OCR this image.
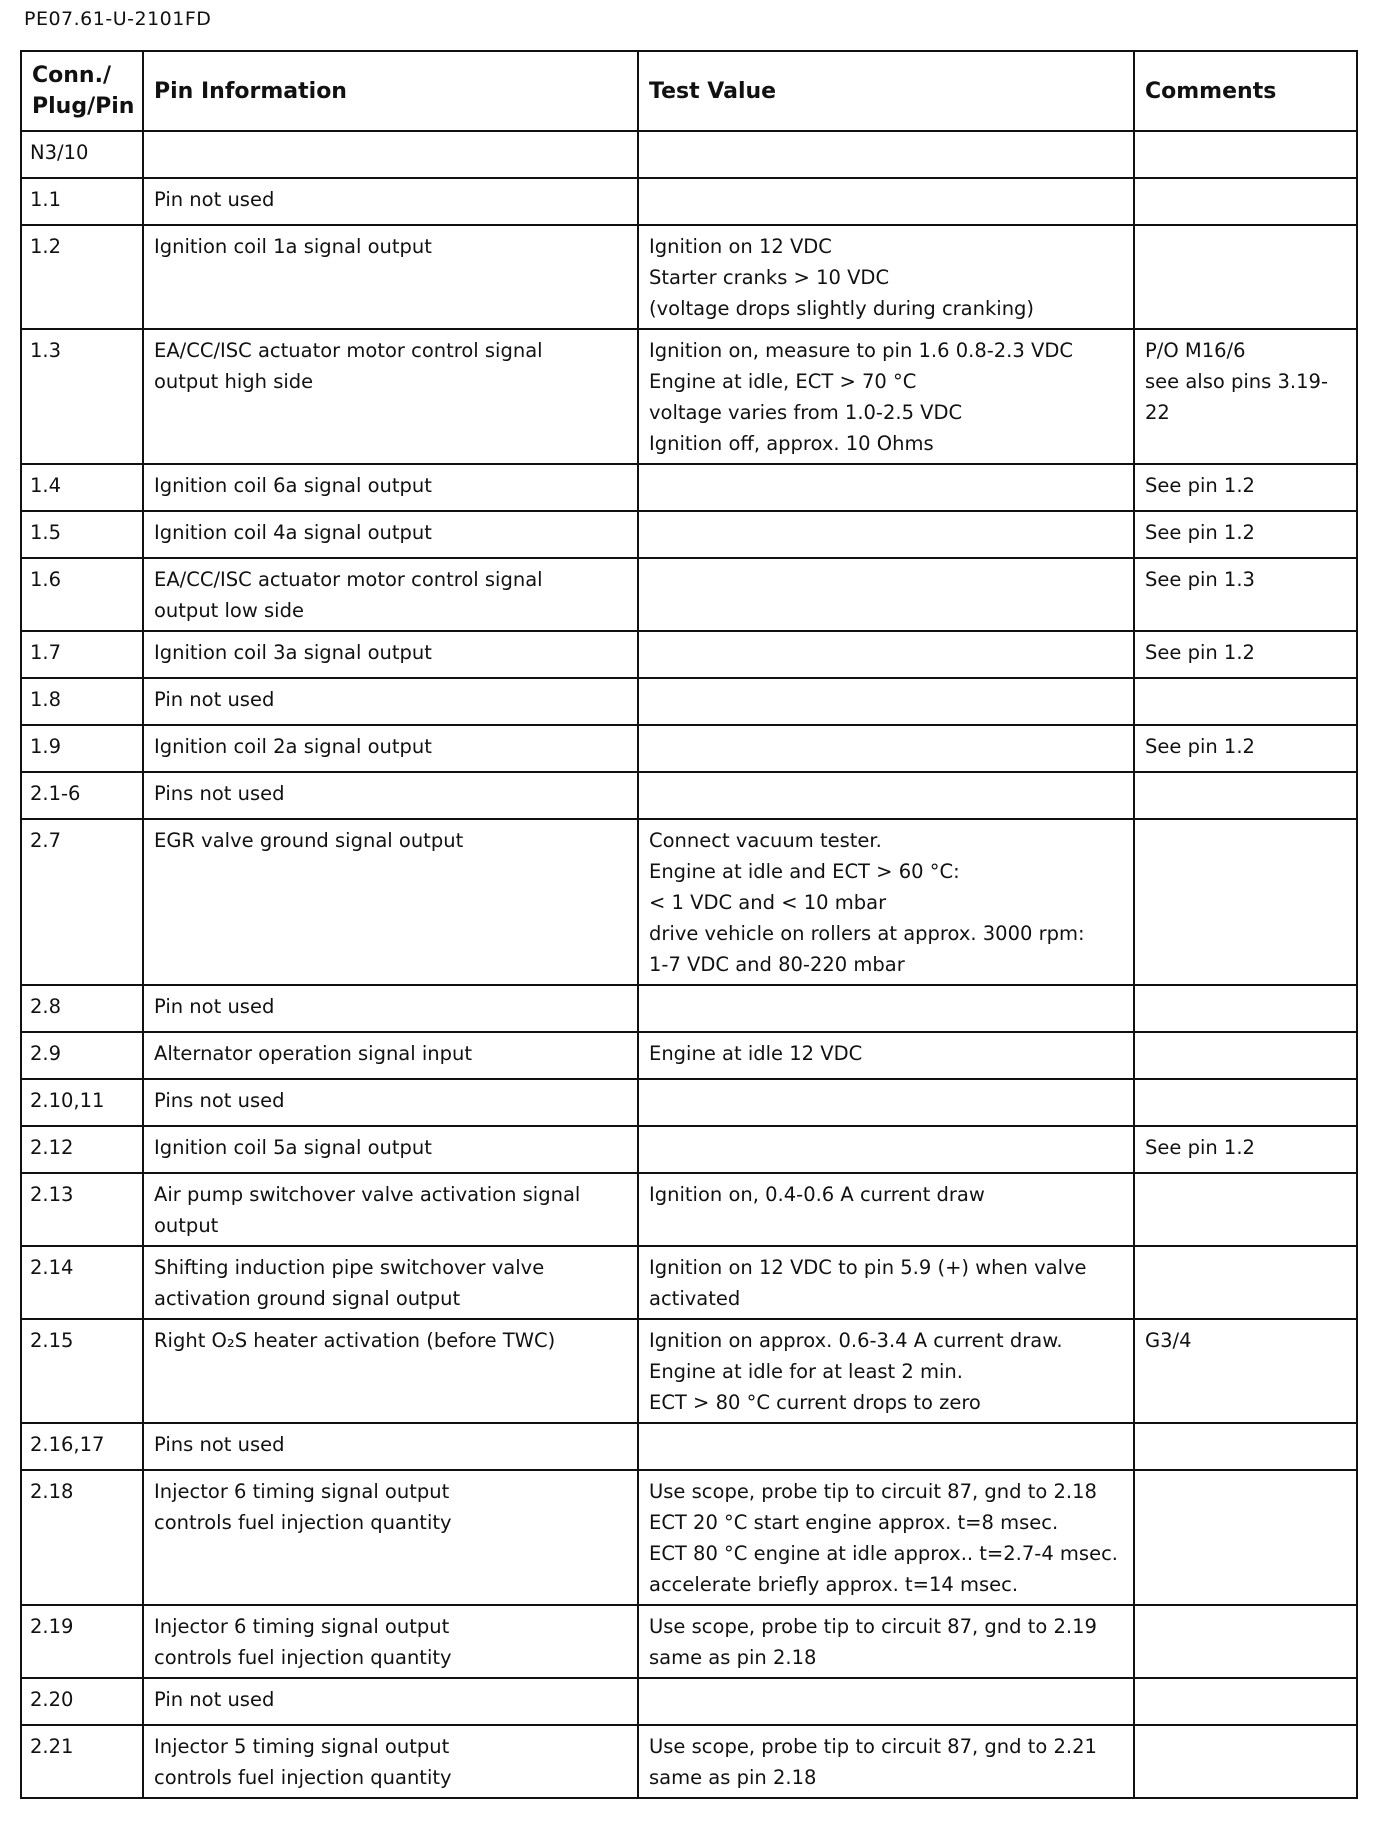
PE07.61-U-2101FD
Conn./
Plug/Pin	Pin Information	Test Value	Comments
N3/10			
1.1	Pin not used		
1.2	Ignition coil 1a signal output	Ignition on 12 VDC
Starter cranks > 10 VDC
(voltage drops slightly during cranking)	
1.3	EA/CC/ISC actuator motor control signal
output high side	Ignition on, measure to pin 1.6 0.8-2.3 VDC
Engine at idle, ECT > 70 °C
voltage varies from 1.0-2.5 VDC
Ignition off, approx. 10 Ohms	P/O M16/6
see also pins 3.19-22
1.4	Ignition coil 6a signal output		See pin 1.2
1.5	Ignition coil 4a signal output		See pin 1.2
1.6	EA/CC/ISC actuator motor control signal
output low side		See pin 1.3
1.7	Ignition coil 3a signal output		See pin 1.2
1.8	Pin not used		
1.9	Ignition coil 2a signal output		See pin 1.2
2.1-6	Pins not used		
2.7	EGR valve ground signal output	Connect vacuum tester.
Engine at idle and ECT > 60 °C:
< 1 VDC and < 10 mbar
drive vehicle on rollers at approx. 3000 rpm:
1-7 VDC and 80-220 mbar	
2.8	Pin not used		
2.9	Alternator operation signal input	Engine at idle 12 VDC	
2.10,11	Pins not used		
2.12	Ignition coil 5a signal output		See pin 1.2
2.13	Air pump switchover valve activation signal
output	Ignition on, 0.4-0.6 A current draw	
2.14	Shifting induction pipe switchover valve
activation ground signal output	Ignition on 12 VDC to pin 5.9 (+) when valve
activated	
2.15	Right O₂S heater activation (before TWC)	Ignition on approx. 0.6-3.4 A current draw.
Engine at idle for at least 2 min.
ECT > 80 °C current drops to zero	G3/4
2.16,17	Pins not used		
2.18	Injector 6 timing signal output
controls fuel injection quantity	Use scope, probe tip to circuit 87, gnd to 2.18
ECT 20 °C start engine approx. t=8 msec.
ECT 80 °C engine at idle approx.. t=2.7-4 msec.
accelerate briefly approx. t=14 msec.	
2.19	Injector 6 timing signal output
controls fuel injection quantity	Use scope, probe tip to circuit 87, gnd to 2.19
same as pin 2.18	
2.20	Pin not used		
2.21	Injector 5 timing signal output
controls fuel injection quantity	Use scope, probe tip to circuit 87, gnd to 2.21
same as pin 2.18	
